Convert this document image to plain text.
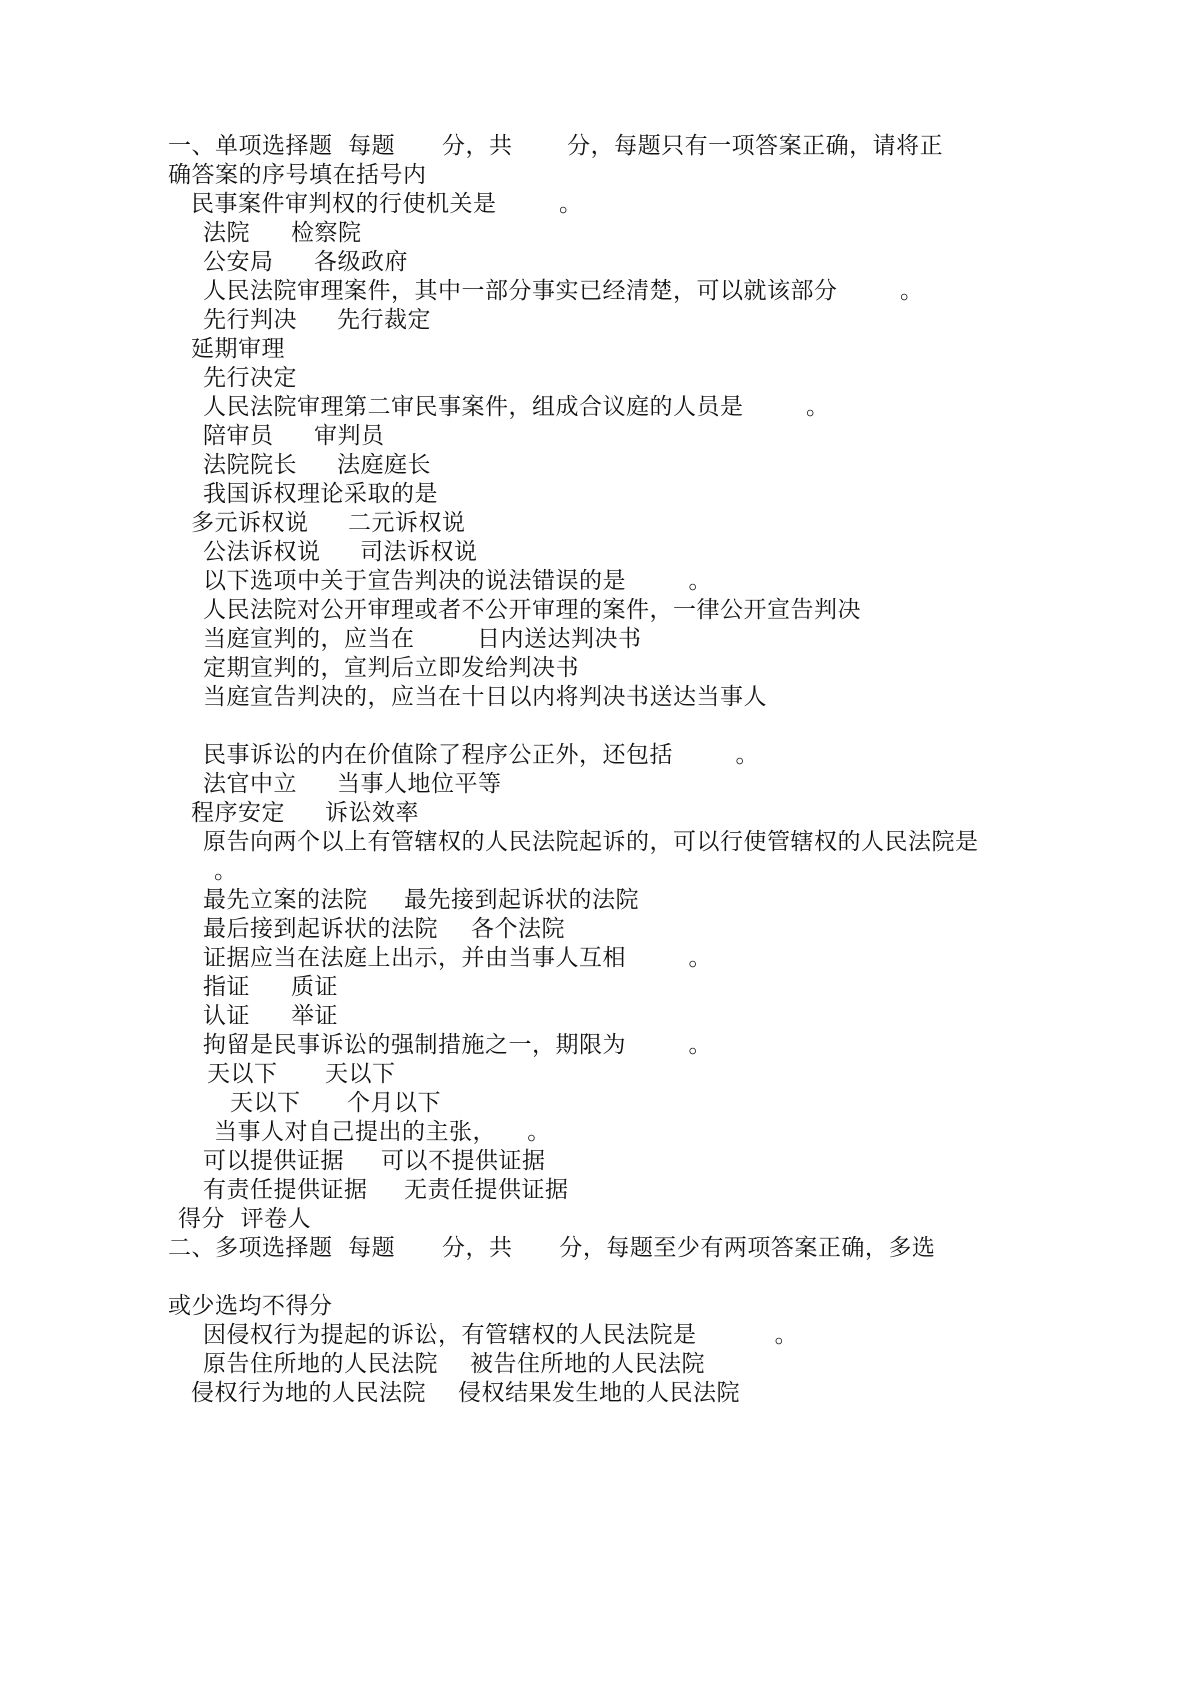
一、单项选择题  每题      分，共       分，每题只有一项答案正确，请将正
确答案的序号填在括号内
民事案件审判权的行使机关是        。

法院

检察院

公安局

各级政府

人民法院审理案件，其中一部分事实已经清楚，可以就该部分        。

先行判决

先行裁定

延期审理
先行决定
人民法院审理第二审民事案件，组成合议庭的人员是        。

陪审员

审判员

法院院长

法庭庭长

我国诉权理论采取的是

多元诉权说

二元诉权说

公法诉权说

司法诉权说

以下选项中关于宣告判决的说法错误的是        。
人民法院对公开审理或者不公开审理的案件，一律公开宣告判决
当庭宣判的，应当在        日内送达判决书
定期宣判的，宣判后立即发给判决书
当庭宣告判决的，应当在十日以内将判决书送达当事人
民事诉讼的内在价值除了程序公正外，还包括        。

法官中立

当事人地位平等

程序安定

诉讼效率

原告向两个以上有管辖权的人民法院起诉的，可以行使管辖权的人民法院是
。

最先立案的法院

最先接到起诉状的法院

最后接到起诉状的法院

各个法院

证据应当在法庭上出示，并由当事人互相        。

指证

质证

认证

举证

拘留是民事诉讼的强制措施之一，期限为        。

天以下

天以下

天以下

个月以下

当事人对自己提出的主张，    。

可以提供证据

可以不提供证据

有责任提供证据

无责任提供证据

得分  评卷人
二、多项选择题  每题      分，共      分，每题至少有两项答案正确，多选
或少选均不得分
因侵权行为提起的诉讼，有管辖权的人民法院是          。

原告住所地的人民法院

被告住所地的人民法院

侵权行为地的人民法院

侵权结果发生地的人民法院
